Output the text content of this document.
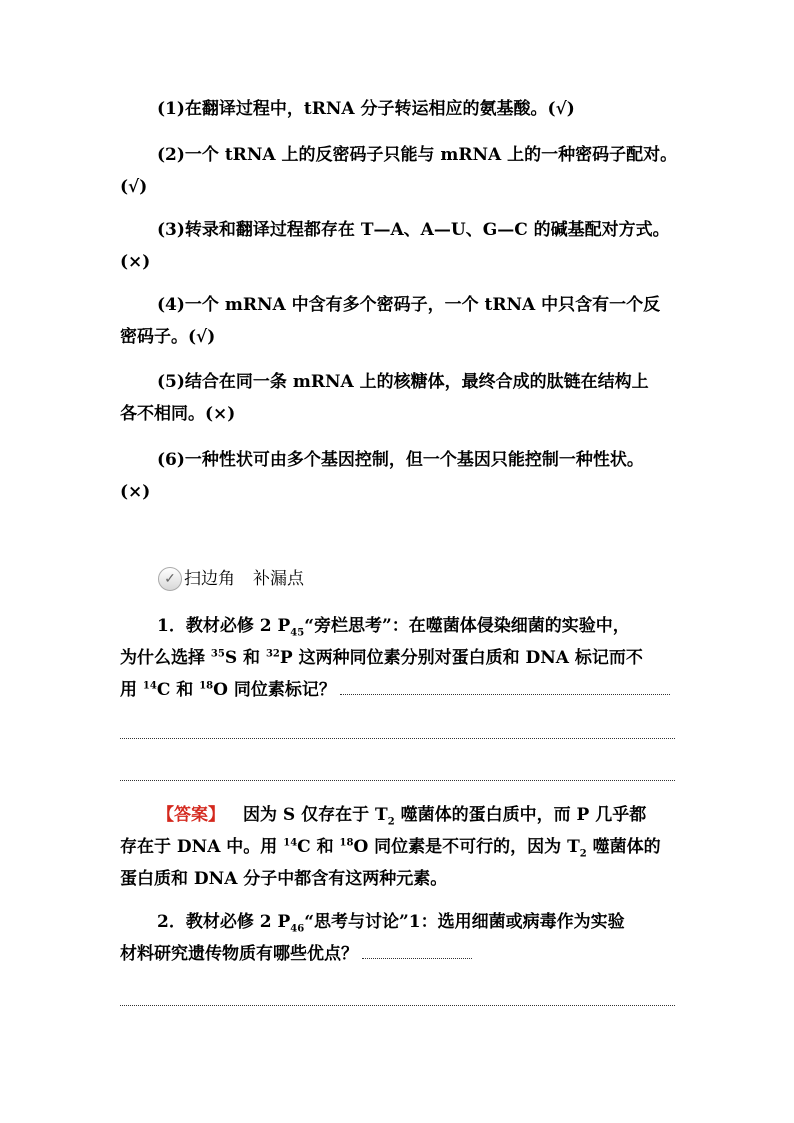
(1)在翻译过程中，tRNA 分子转运相应的氨基酸。(√)
(2)一个 tRNA 上的反密码子只能与 mRNA 上的一种密码子配对。
(√)
(3)转录和翻译过程都存在 T—A、A—U、G—C 的碱基配对方式。
(×)
(4)一个 mRNA 中含有多个密码子，一个 tRNA 中只含有一个反
密码子。(√)
(5)结合在同一条 mRNA 上的核糖体，最终合成的肽链在结构上
各不相同。(×)
(6)一种性状可由多个基因控制，但一个基因只能控制一种性状。
(×)
✓ 扫边角 补漏点
1．教材必修 2 $P_{45}“$旁栏思考”：在噬菌体侵染细菌的实验中，
为什么选择 $^{35}$S 和 $^{32}$P 这两种同位素分别对蛋白质和 DNA 标记而不
用 $^{14}$C 和 $^{18}$O 同位素标记？
【答案】 因为 S 仅存在于 $T_2$ 噬菌体的蛋白质中，而 P 几乎都
存在于 DNA 中。用 $^{14}$C 和 $^{18}$O 同位素是不可行的，因为 $T_2$ 噬菌体的
蛋白质和 DNA 分子中都含有这两种元素。
2．教材必修 2 $P_{46}“$思考与讨论”1：选用细菌或病毒作为实验
材料研究遗传物质有哪些优点？
